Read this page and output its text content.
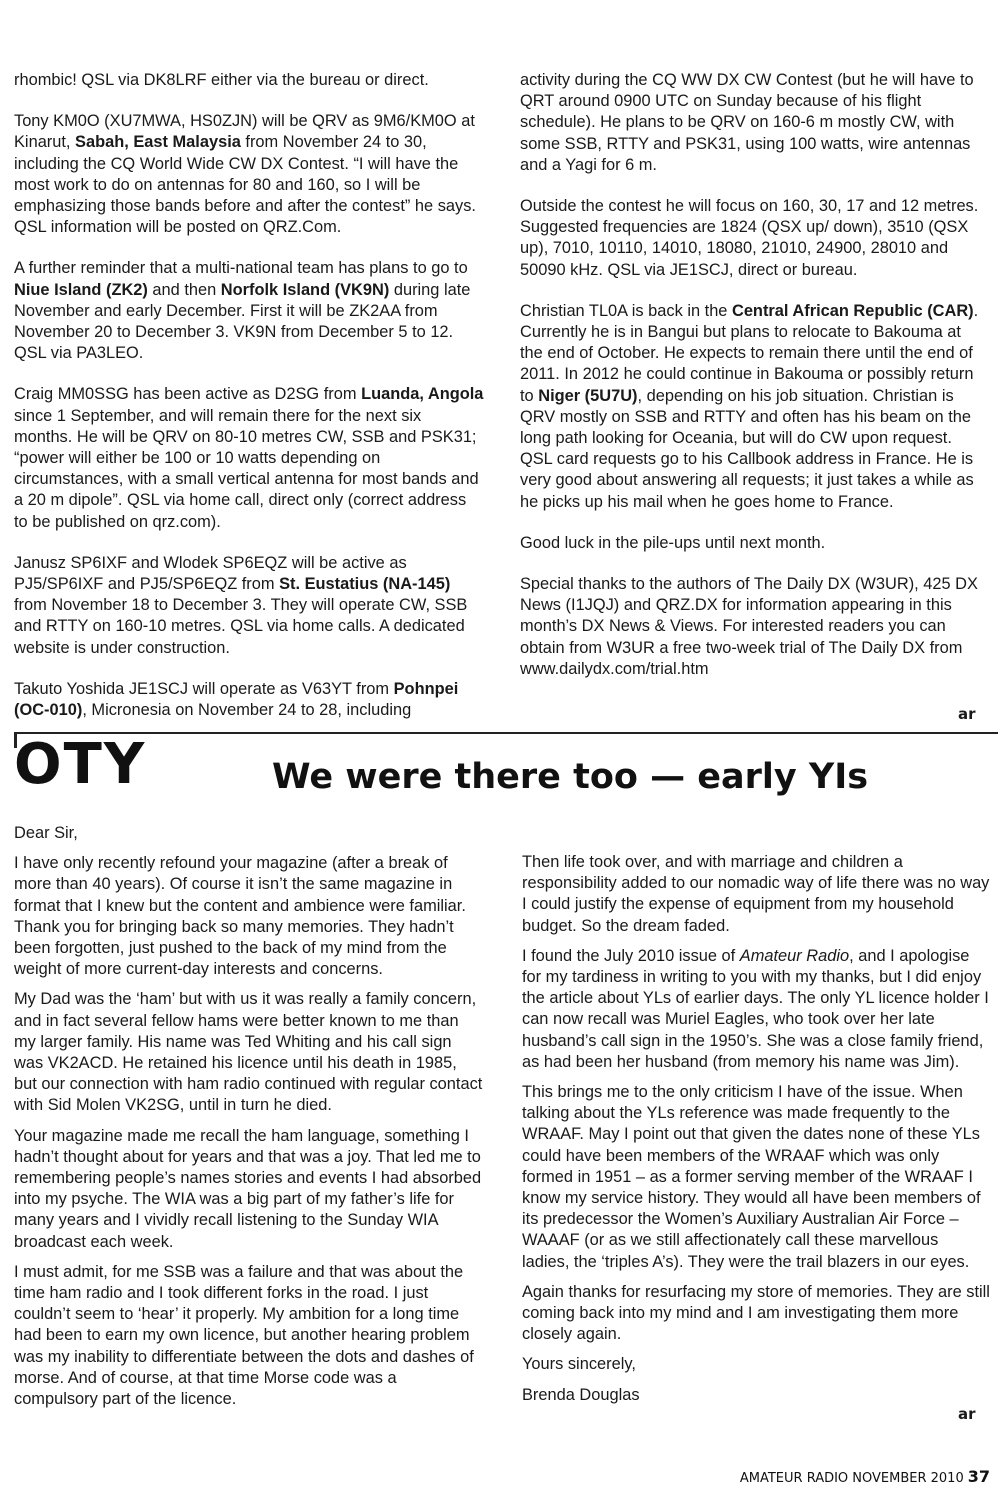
rhombic! QSL via DK8LRF either via the bureau or direct.

Tony KM0O (XU7MWA, HS0ZJN) will be QRV as 9M6/KM0O at Kinarut, Sabah, East Malaysia from November 24 to 30, including the CQ World Wide CW DX Contest. “I will have the most work to do on antennas for 80 and 160, so I will be emphasizing those bands before and after the contest” he says. QSL information will be posted on QRZ.Com.

A further reminder that a multi-national team has plans to go to Niue Island (ZK2) and then Norfolk Island (VK9N) during late November and early December. First it will be ZK2AA from November 20 to December 3. VK9N from December 5 to 12. QSL via PA3LEO.

Craig MM0SSG has been active as D2SG from Luanda, Angola since 1 September, and will remain there for the next six months. He will be QRV on 80-10 metres CW, SSB and PSK31; “power will either be 100 or 10 watts depending on circumstances, with a small vertical antenna for most bands and a 20 m dipole”. QSL via home call, direct only (correct address to be published on qrz.com).

Janusz SP6IXF and Wlodek SP6EQZ will be active as PJ5/SP6IXF and PJ5/SP6EQZ from St. Eustatius (NA-145) from November 18 to December 3. They will operate CW, SSB and RTTY on 160-10 metres. QSL via home calls. A dedicated website is under construction.

Takuto Yoshida JE1SCJ will operate as V63YT from Pohnpei (OC-010), Micronesia on November 24 to 28, including

activity during the CQ WW DX CW Contest (but he will have to QRT around 0900 UTC on Sunday because of his flight schedule). He plans to be QRV on 160-6 m mostly CW, with some SSB, RTTY and PSK31, using 100 watts, wire antennas and a Yagi for 6 m.

Outside the contest he will focus on 160, 30, 17 and 12 metres. Suggested frequencies are 1824 (QSX up/ down), 3510 (QSX up), 7010, 10110, 14010, 18080, 21010, 24900, 28010 and 50090 kHz. QSL via JE1SCJ, direct or bureau.

Christian TL0A is back in the Central African Republic (CAR). Currently he is in Bangui but plans to relocate to Bakouma at the end of October. He expects to remain there until the end of 2011. In 2012 he could continue in Bakouma or possibly return to Niger (5U7U), depending on his job situation. Christian is QRV mostly on SSB and RTTY and often has his beam on the long path looking for Oceania, but will do CW upon request. QSL card requests go to his Callbook address in France. He is very good about answering all requests; it just takes a while as he picks up his mail when he goes home to France.

Good luck in the pile-ups until next month.

Special thanks to the authors of The Daily DX (W3UR), 425 DX News (I1JQJ) and QRZ.DX for information appearing in this month’s DX News & Views. For interested readers you can obtain from W3UR a free two-week trial of The Daily DX from www.dailydx.com/trial.htm

ar
OTY	We were there too — early YIs

Dear Sir,

I have only recently refound your magazine (after a break of more than 40 years). Of course it isn’t the same magazine in format that I knew but the content and ambience were familiar. Thank you for bringing back so many memories. They hadn’t been forgotten, just pushed to the back of my mind from the weight of more current-day interests and concerns.

My Dad was the ‘ham’ but with us it was really a family concern, and in fact several fellow hams were better known to me than my larger family. His name was Ted Whiting and his call sign was VK2ACD. He retained his licence until his death in 1985, but our connection with ham radio continued with regular contact with Sid Molen VK2SG, until in turn he died.

Your magazine made me recall the ham language, something I hadn’t thought about for years and that was a joy. That led me to remembering people’s names stories and events I had absorbed into my psyche. The WIA was a big part of my father’s life for many years and I vividly recall listening to the Sunday WIA broadcast each week.

I must admit, for me SSB was a failure and that was about the time ham radio and I took different forks in the road. I just couldn’t seem to ‘hear’ it properly. My ambition for a long time had been to earn my own licence, but another hearing problem was my inability to differentiate between the dots and dashes of morse. And of course, at that time Morse code was a compulsory part of the licence.

Then life took over, and with marriage and children a responsibility added to our nomadic way of life there was no way I could justify the expense of equipment from my household budget. So the dream faded.

I found the July 2010 issue of Amateur Radio, and I apologise for my tardiness in writing to you with my thanks, but I did enjoy the article about YLs of earlier days. The only YL licence holder I can now recall was Muriel Eagles, who took over her late husband’s call sign in the 1950’s. She was a close family friend, as had been her husband (from memory his name was Jim).

This brings me to the only criticism I have of the issue. When talking about the YLs reference was made frequently to the WRAAF. May I point out that given the dates none of these YLs could have been members of the WRAAF which was only formed in 1951 – as a former serving member of the WRAAF I know my service history. They would all have been members of its predecessor the Women’s Auxiliary Australian Air Force – WAAAF (or as we still affectionately call these marvellous ladies, the ‘triples A’s). They were the trail blazers in our eyes.

Again thanks for resurfacing my store of memories. They are still coming back into my mind and I am investigating them more closely again.

Yours sincerely,

Brenda Douglas

ar
AMATEUR RADIO NOVEMBER 2010 37
